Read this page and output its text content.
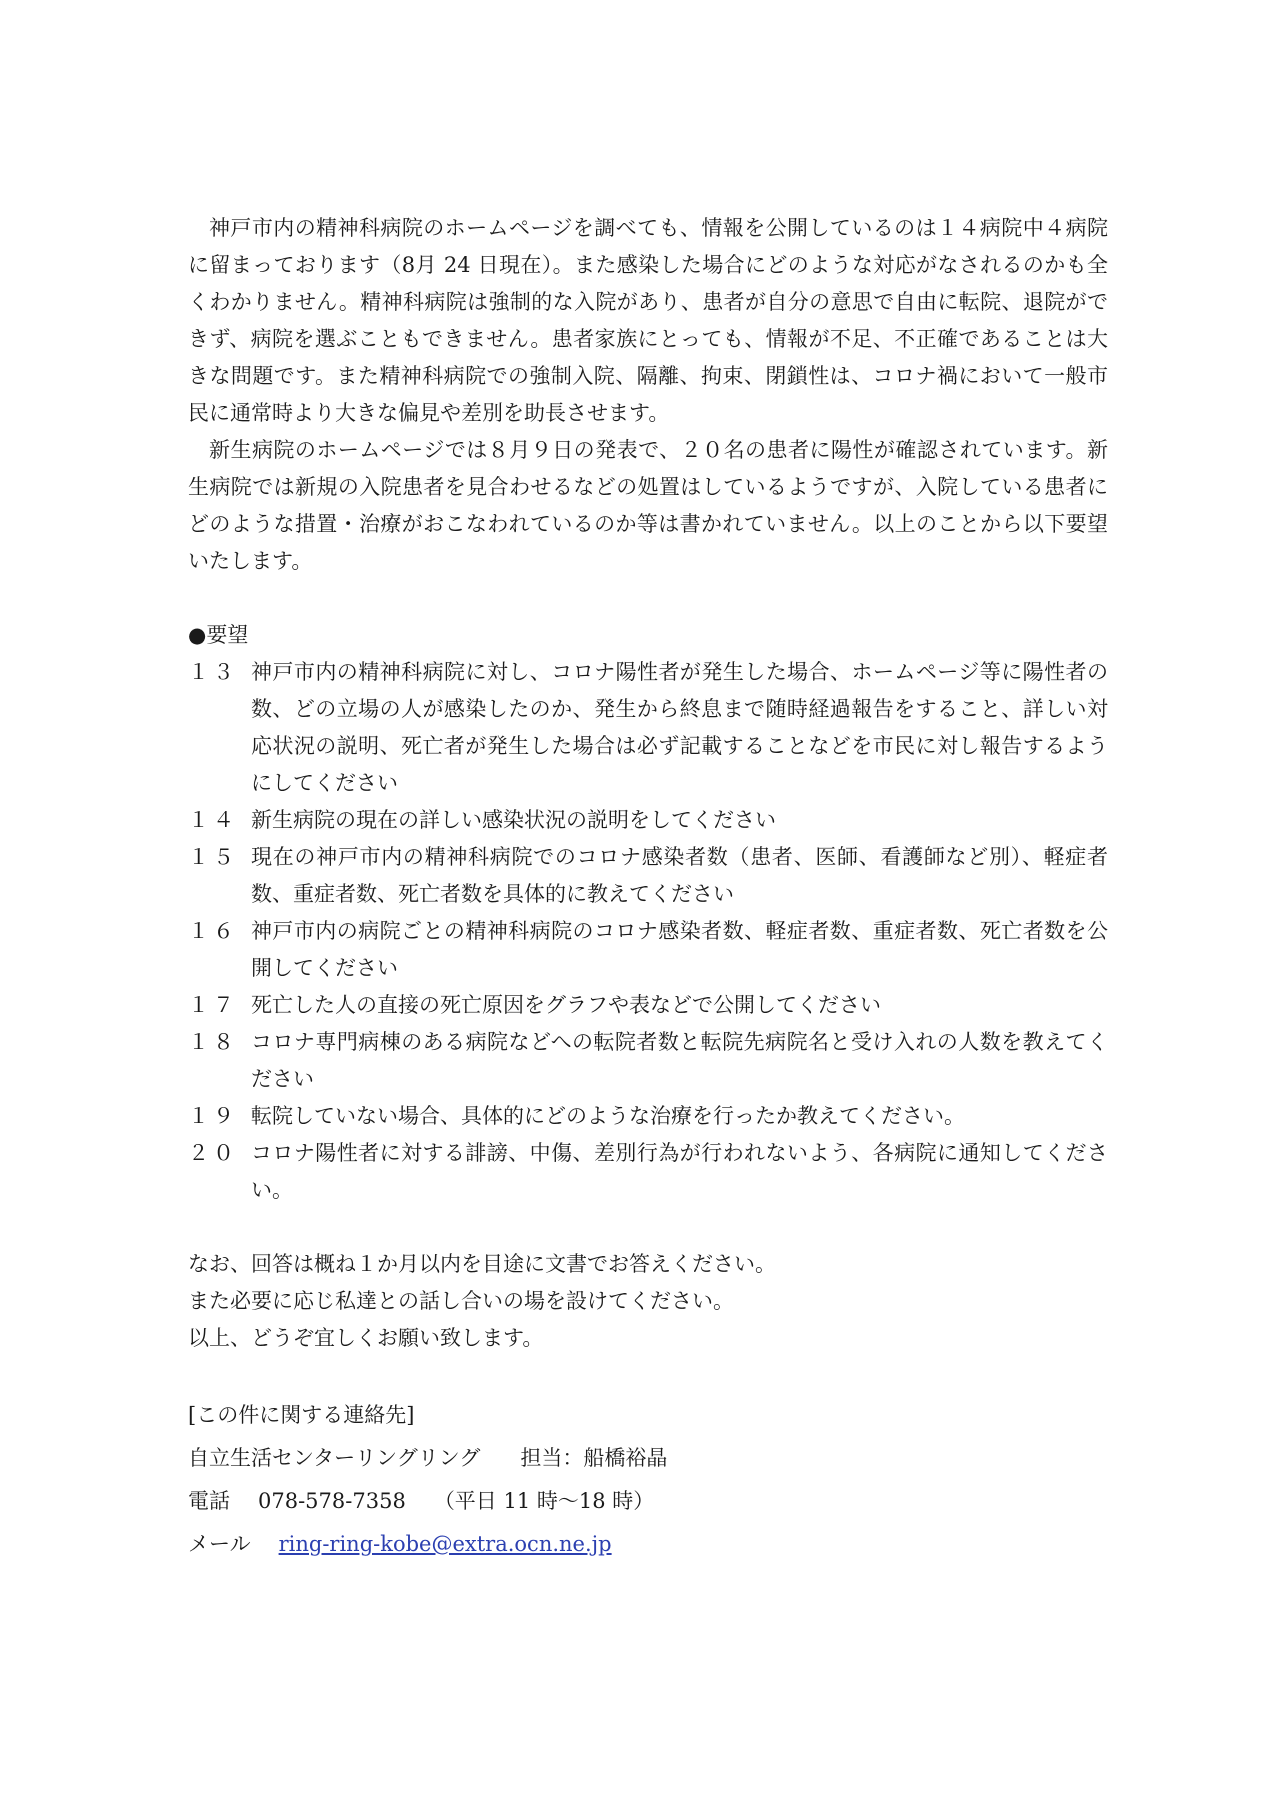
神戸市内の精神科病院のホームページを調べても、情報を公開しているのは１４病院中４病院に留まっております（8月 24 日現在）。また感染した場合にどのような対応がなされるのかも全くわかりません。精神科病院は強制的な入院があり、患者が自分の意思で自由に転院、退院ができず、病院を選ぶこともできません。患者家族にとっても、情報が不足、不正確であることは大きな問題です。また精神科病院での強制入院、隔離、拘束、閉鎖性は、コロナ禍において一般市民に通常時より大きな偏見や差別を助長させます。

新生病院のホームページでは８月９日の発表で、２０名の患者に陽性が確認されています。新生病院では新規の入院患者を見合わせるなどの処置はしているようですが、入院している患者にどのような措置・治療がおこなわれているのか等は書かれていません。以上のことから以下要望いたします。

●要望

１３ 神戸市内の精神科病院に対し、コロナ陽性者が発生した場合、ホームページ等に陽性者の数、どの立場の人が感染したのか、発生から終息まで随時経過報告をすること、詳しい対応状況の説明、死亡者が発生した場合は必ず記載することなどを市民に対し報告するようにしてください
１４ 新生病院の現在の詳しい感染状況の説明をしてください
１５ 現在の神戸市内の精神科病院でのコロナ感染者数（患者、医師、看護師など別）、軽症者数、重症者数、死亡者数を具体的に教えてください
１６ 神戸市内の病院ごとの精神科病院のコロナ感染者数、軽症者数、重症者数、死亡者数を公開してください
１７ 死亡した人の直接の死亡原因をグラフや表などで公開してください
１８ コロナ専門病棟のある病院などへの転院者数と転院先病院名と受け入れの人数を教えてください
１９ 転院していない場合、具体的にどのような治療を行ったか教えてください。
２０ コロナ陽性者に対する誹謗、中傷、差別行為が行われないよう、各病院に通知してください。

なお、回答は概ね１か月以内を目途に文書でお答えください。

また必要に応じ私達との話し合いの場を設けてください。

以上、どうぞ宜しくお願い致します。

[この件に関する連絡先]

自立生活センターリングリング 担当：船橋裕晶

電話 078-578-7358 （平日 11 時～18 時）

メール ring-ring-kobe@extra.ocn.ne.jp
